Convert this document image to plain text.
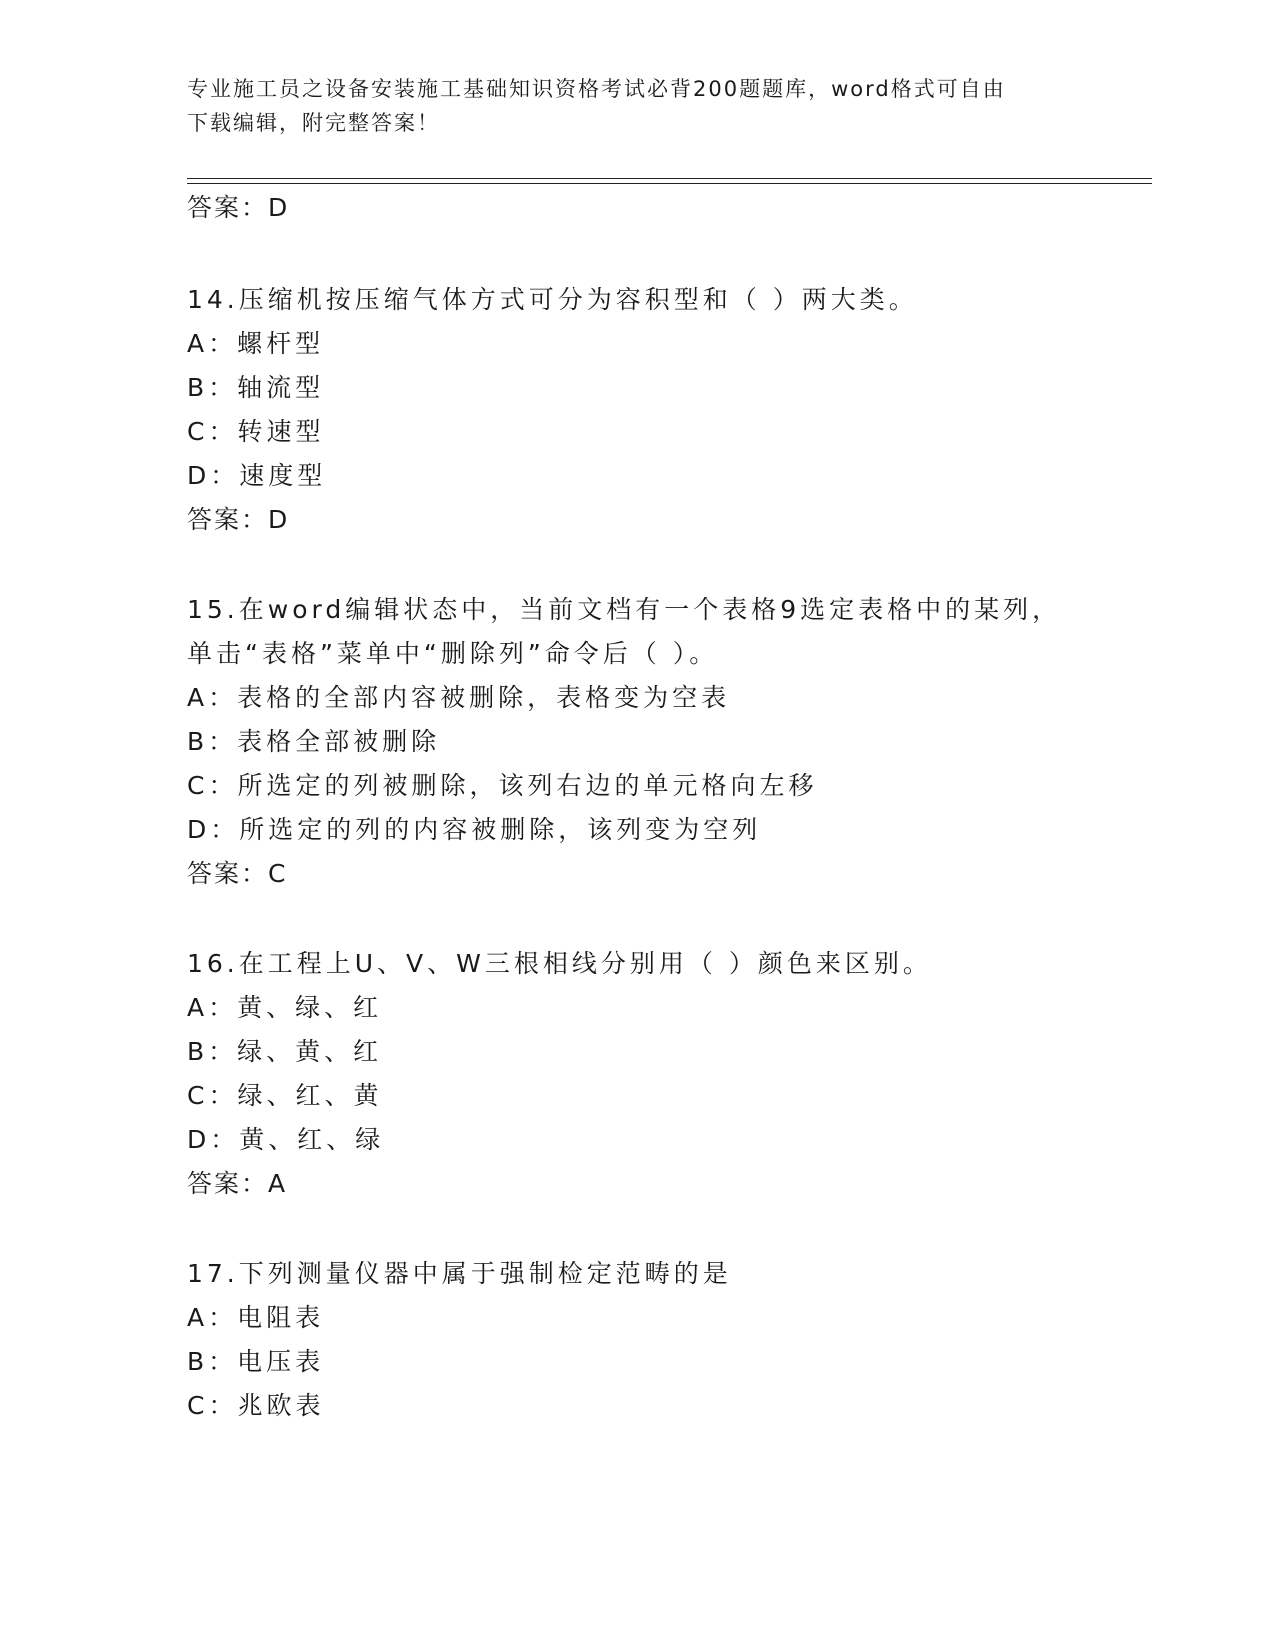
专业施工员之设备安装施工基础知识资格考试必背200题题库，word格式可自由
下载编辑，附完整答案！
答案：D
14.压缩机按压缩气体方式可分为容积型和（ ）两大类。
A：螺杆型
B：轴流型
C：转速型
D：速度型
答案：D
15.在word编辑状态中，当前文档有一个表格9选定表格中的某列，
单击“表格”菜单中“删除列”命令后（ ）。
A：表格的全部内容被删除，表格变为空表
B：表格全部被删除
C：所选定的列被删除，该列右边的单元格向左移
D：所选定的列的内容被删除，该列变为空列
答案：C
16.在工程上U、V、W三根相线分别用（ ）颜色来区别。
A：黄、绿、红
B：绿、黄、红
C：绿、红、黄
D：黄、红、绿
答案：A
17.下列测量仪器中属于强制检定范畴的是
A：电阻表
B：电压表
C：兆欧表
